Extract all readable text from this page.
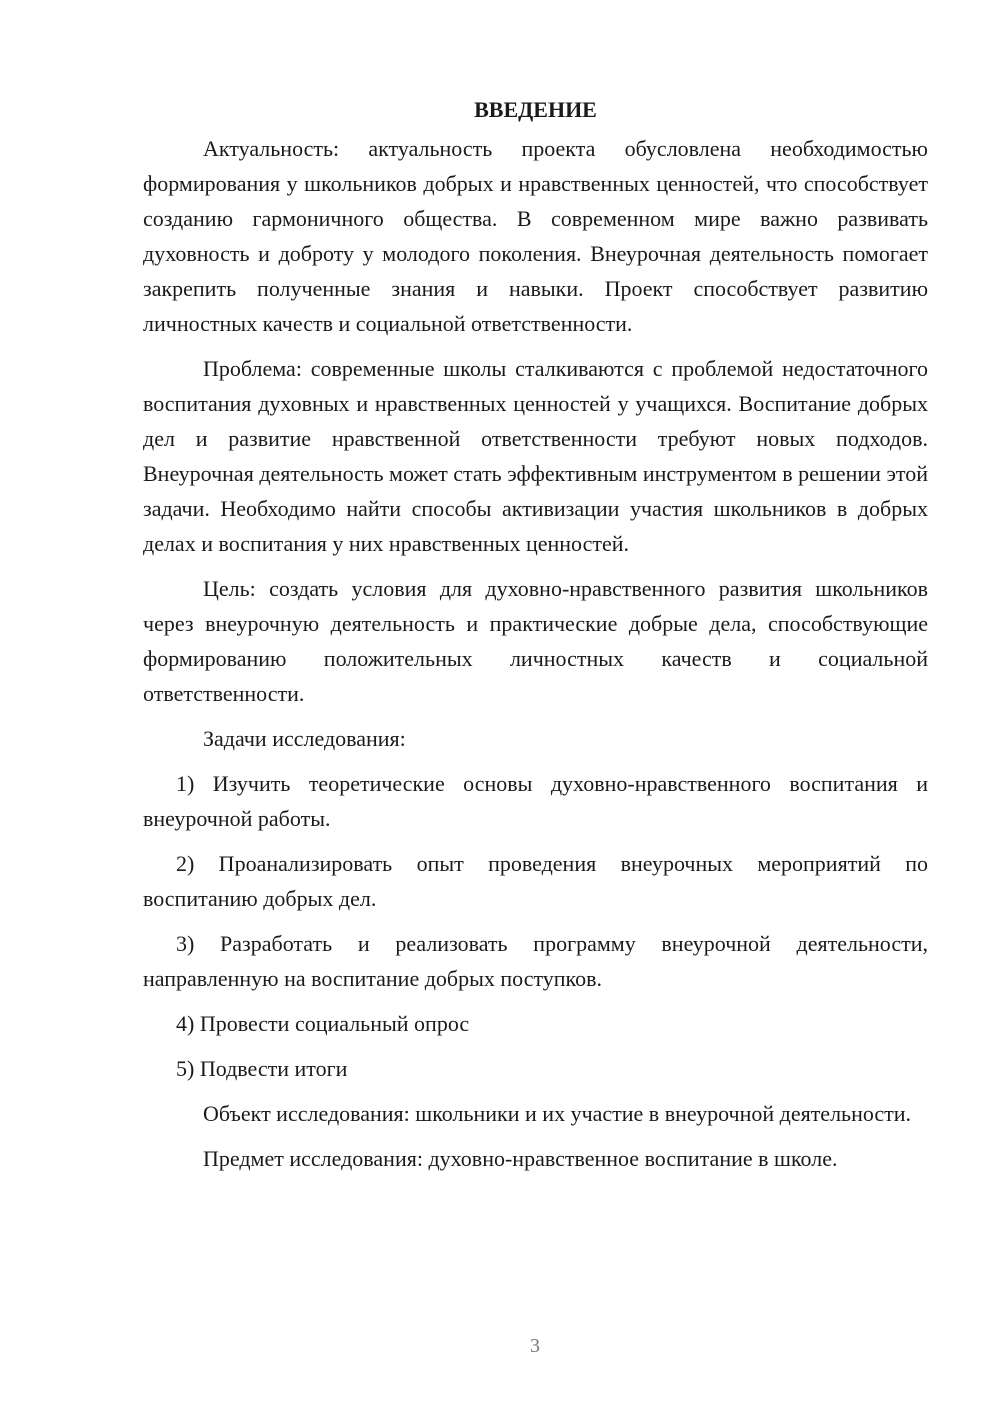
ВВЕДЕНИЕ

Актуальность: актуальность проекта обусловлена необходимостью формирования у школьников добрых и нравственных ценностей, что способствует созданию гармоничного общества. В современном мире важно развивать духовность и доброту у молодого поколения. Внеурочная деятельность помогает закрепить полученные знания и навыки. Проект способствует развитию личностных качеств и социальной ответственности.

Проблема: современные школы сталкиваются с проблемой недостаточного воспитания духовных и нравственных ценностей у учащихся. Воспитание добрых дел и развитие нравственной ответственности требуют новых подходов. Внеурочная деятельность может стать эффективным инструментом в решении этой задачи. Необходимо найти способы активизации участия школьников в добрых делах и воспитания у них нравственных ценностей.

Цель: создать условия для духовно-нравственного развития школьников через внеурочную деятельность и практические добрые дела, способствующие формированию положительных личностных качеств и социальной ответственности.

Задачи исследования:

1) Изучить теоретические основы духовно-нравственного воспитания и внеурочной работы.

2) Проанализировать опыт проведения внеурочных мероприятий по воспитанию добрых дел.

3) Разработать и реализовать программу внеурочной деятельности, направленную на воспитание добрых поступков.

4) Провести социальный опрос

5) Подвести итоги

Объект исследования: школьники и их участие в внеурочной деятельности.

Предмет исследования: духовно-нравственное воспитание в школе.

3
